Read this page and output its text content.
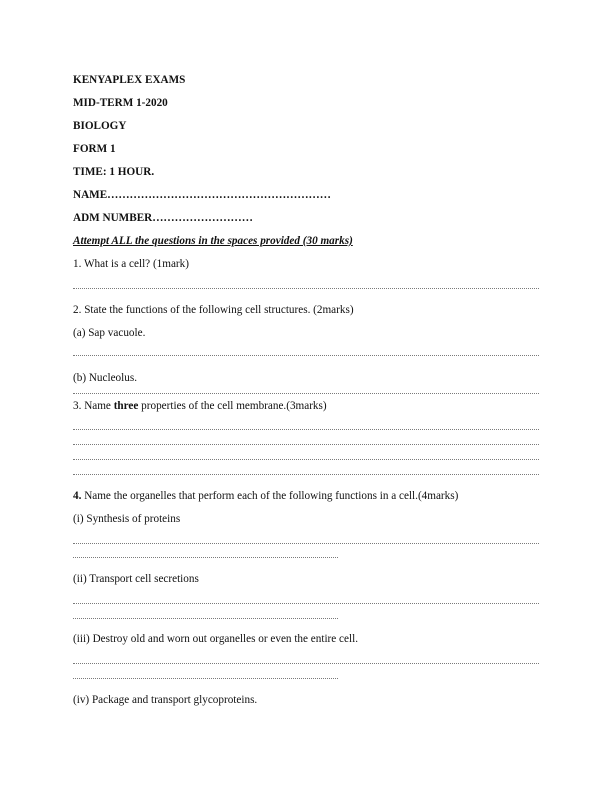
KENYAPLEX EXAMS
MID-TERM 1-2020
BIOLOGY
FORM 1
TIME: 1 HOUR.
NAME……………………………………………………
ADM NUMBER………………………
Attempt ALL the questions in the spaces provided (30 marks)
1. What is a cell? (1mark)
2. State the functions of the following cell structures. (2marks)
(a) Sap vacuole.
(b) Nucleolus.
3. Name three properties of the cell membrane.(3marks)
4. Name the organelles that perform each of the following functions in a cell.(4marks)
(i) Synthesis of proteins
(ii) Transport cell secretions
(iii) Destroy old and worn out organelles or even the entire cell.
(iv) Package and transport glycoproteins.
